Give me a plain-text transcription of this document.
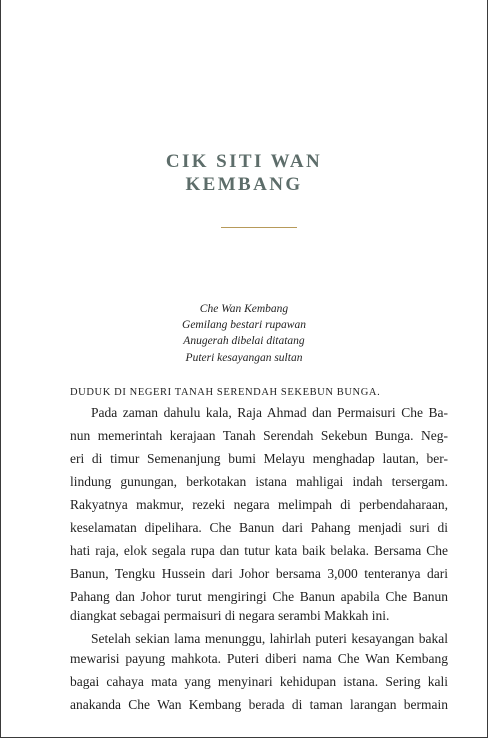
CIK SITI WAN
KEMBANG
Che Wan Kembang
Gemilang bestari rupawan
Anugerah dibelai ditatang
Puteri kesayangan sultan
DUDUK DI NEGERI TANAH SERENDAH SEKEBUN BUNGA.
Pada zaman dahulu kala, Raja Ahmad dan Permaisuri Che Ba-
nun memerintah kerajaan Tanah Serendah Sekebun Bunga. Neg-
eri di timur Semenanjung bumi Melayu menghadap lautan, ber-
lindung gunungan, berkotakan istana mahligai indah tersergam.
Rakyatnya makmur, rezeki negara melimpah di perbendaharaan,
keselamatan dipelihara. Che Banun dari Pahang menjadi suri di
hati raja, elok segala rupa dan tutur kata baik belaka. Bersama Che
Banun, Tengku Hussein dari Johor bersama 3,000 tenteranya dari
Pahang dan Johor turut mengiringi Che Banun apabila Che Banun
diangkat sebagai permaisuri di negara serambi Makkah ini.
Setelah sekian lama menunggu, lahirlah puteri kesayangan bakal
mewarisi payung mahkota. Puteri diberi nama Che Wan Kembang
bagai cahaya mata yang menyinari kehidupan istana. Sering kali
anakanda Che Wan Kembang berada di taman larangan bermain
